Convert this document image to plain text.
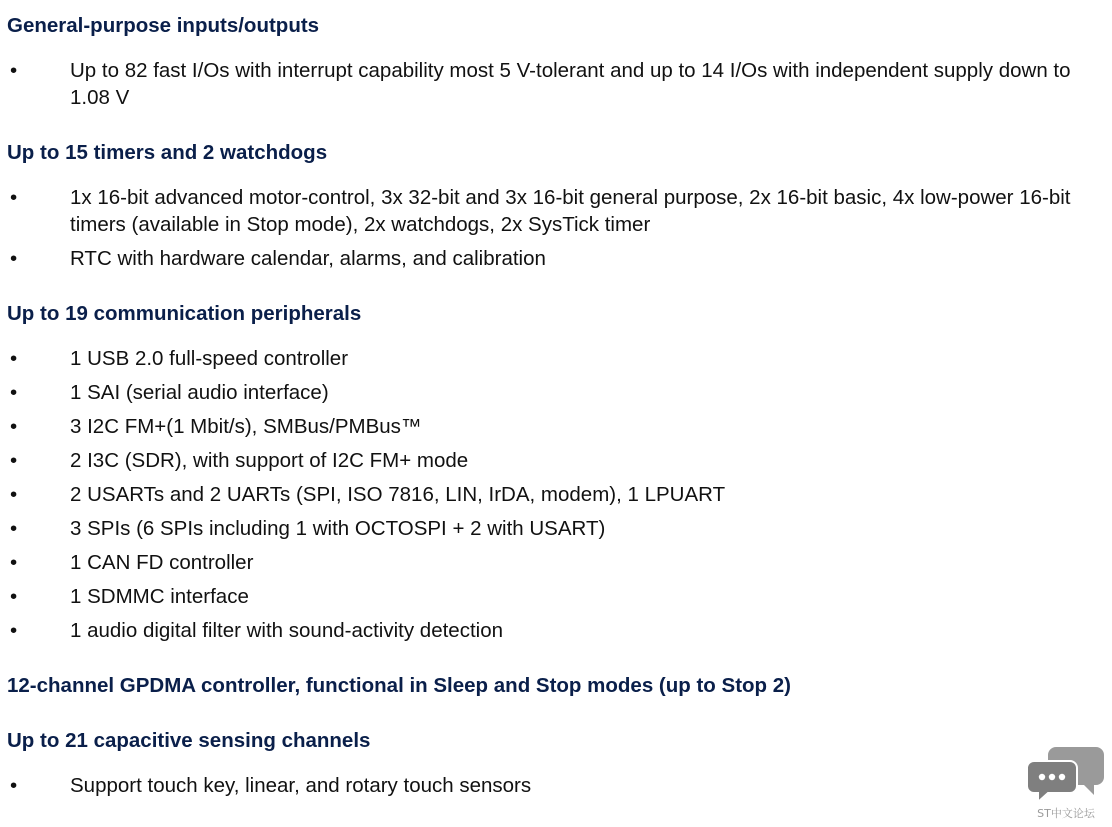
General-purpose inputs/outputs
•	Up to 82 fast I/Os with interrupt capability most 5 V-tolerant and up to 14 I/Os with independent supply down to 1.08 V
Up to 15 timers and 2 watchdogs
•	1x 16-bit advanced motor-control, 3x 32-bit and 3x 16-bit general purpose, 2x 16-bit basic, 4x low-power 16-bit timers (available in Stop mode), 2x watchdogs, 2x SysTick timer
•	RTC with hardware calendar, alarms, and calibration
Up to 19 communication peripherals
•	1 USB 2.0 full-speed controller
•	1 SAI (serial audio interface)
•	3 I2C FM+(1 Mbit/s), SMBus/PMBus™
•	2 I3C (SDR), with support of I2C FM+ mode
•	2 USARTs and 2 UARTs (SPI, ISO 7816, LIN, IrDA, modem), 1 LPUART
•	3 SPIs (6 SPIs including 1 with OCTOSPI + 2 with USART)
•	1 CAN FD controller
•	1 SDMMC interface
•	1 audio digital filter with sound-activity detection
12-channel GPDMA controller, functional in Sleep and Stop modes (up to Stop 2)
Up to 21 capacitive sensing channels
•	Support touch key, linear, and rotary touch sensors
ST中文论坛
